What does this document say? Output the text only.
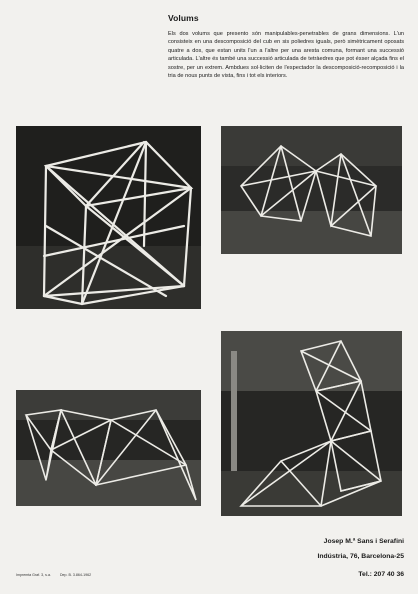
Volums

Els dos volums que presento són manipulables-penetrables de grans dimensions. L'un consisteix en una descomposició del cub en sis poliedres iguals, però simètricament oposats quatre a dos, que estan units l'un a l'altre per una aresta comuna, formant una successió articulada. L'altre és també una successió articulada de tetràedres que pot ésser alçada fins el sostre, per un extrem. Ambdues sol·liciten de l'espectador la descomposició-recomposició i la tria de nous punts de vista, fins i tot els interiors.

Impremta Graf. 3, s.a.	Dep. B. 3.864-1962
Josep M.ª Sans i Serafini
Indústria, 76, Barcelona-25
Tel.: 207 40 36
